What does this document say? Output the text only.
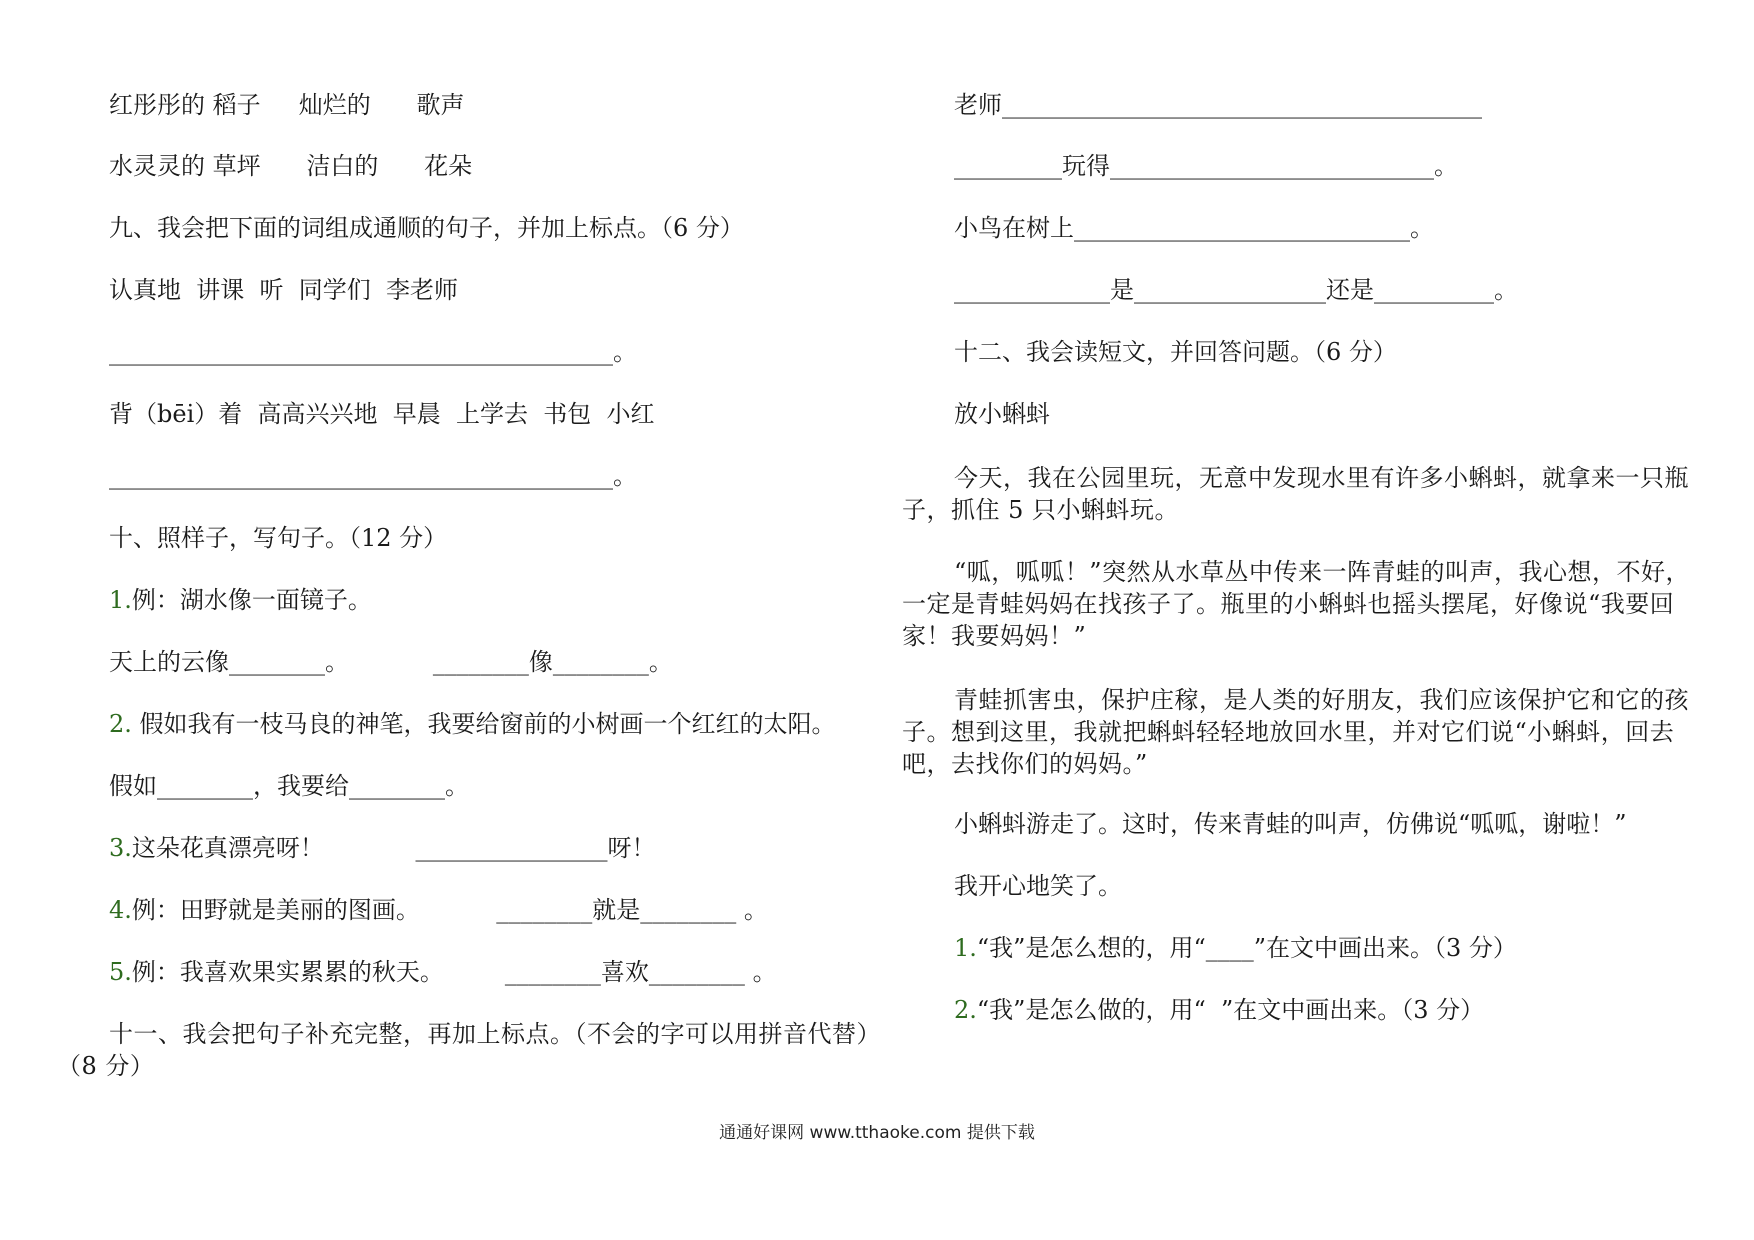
红彤彤的 稻子     灿烂的      歌声
水灵灵的 草坪      洁白的      花朵
九、我会把下面的词组成通顺的句子，并加上标点。（6 分）
认真地  讲课  听  同学们  李老师
__________________________________________。
背（bēi）着  高高兴兴地  早晨  上学去  书包  小红
__________________________________________。
十、照样子，写句子。（12 分）
1.例：湖水像一面镜子。
天上的云像________。           ________像________。
2. 假如我有一枝马良的神笔，我要给窗前的小树画一个红红的太阳。
假如________，我要给________。
3.这朵花真漂亮呀！            ________________呀！
4.例：田野就是美丽的图画。          ________就是________ 。
5.例：我喜欢果实累累的秋天。        ________喜欢________ 。
十一、我会把句子补充完整，再加上标点。（不会的字可以用拼音代替）（8 分）
老师________________________________________
_________玩得___________________________。
小鸟在树上____________________________。
_____________是________________还是__________。
十二、我会读短文，并回答问题。（6 分）
放小蝌蚪
今天，我在公园里玩，无意中发现水里有许多小蝌蚪，就拿来一只瓶子，抓住 5 只小蝌蚪玩。
“呱，呱呱！”突然从水草丛中传来一阵青蛙的叫声，我心想，不好，一定是青蛙妈妈在找孩子了。瓶里的小蝌蚪也摇头摆尾，好像说“我要回家！我要妈妈！”
青蛙抓害虫，保护庄稼，是人类的好朋友，我们应该保护它和它的孩子。想到这里，我就把蝌蚪轻轻地放回水里，并对它们说“小蝌蚪，回去吧，去找你们的妈妈。”
小蝌蚪游走了。这时，传来青蛙的叫声，仿佛说“呱呱，谢啦！”
我开心地笑了。
1.“我”是怎么想的，用“____”在文中画出来。（3 分）
2.“我”是怎么做的，用“  ”在文中画出来。（3 分）
通通好课网 www.tthaoke.com 提供下载
